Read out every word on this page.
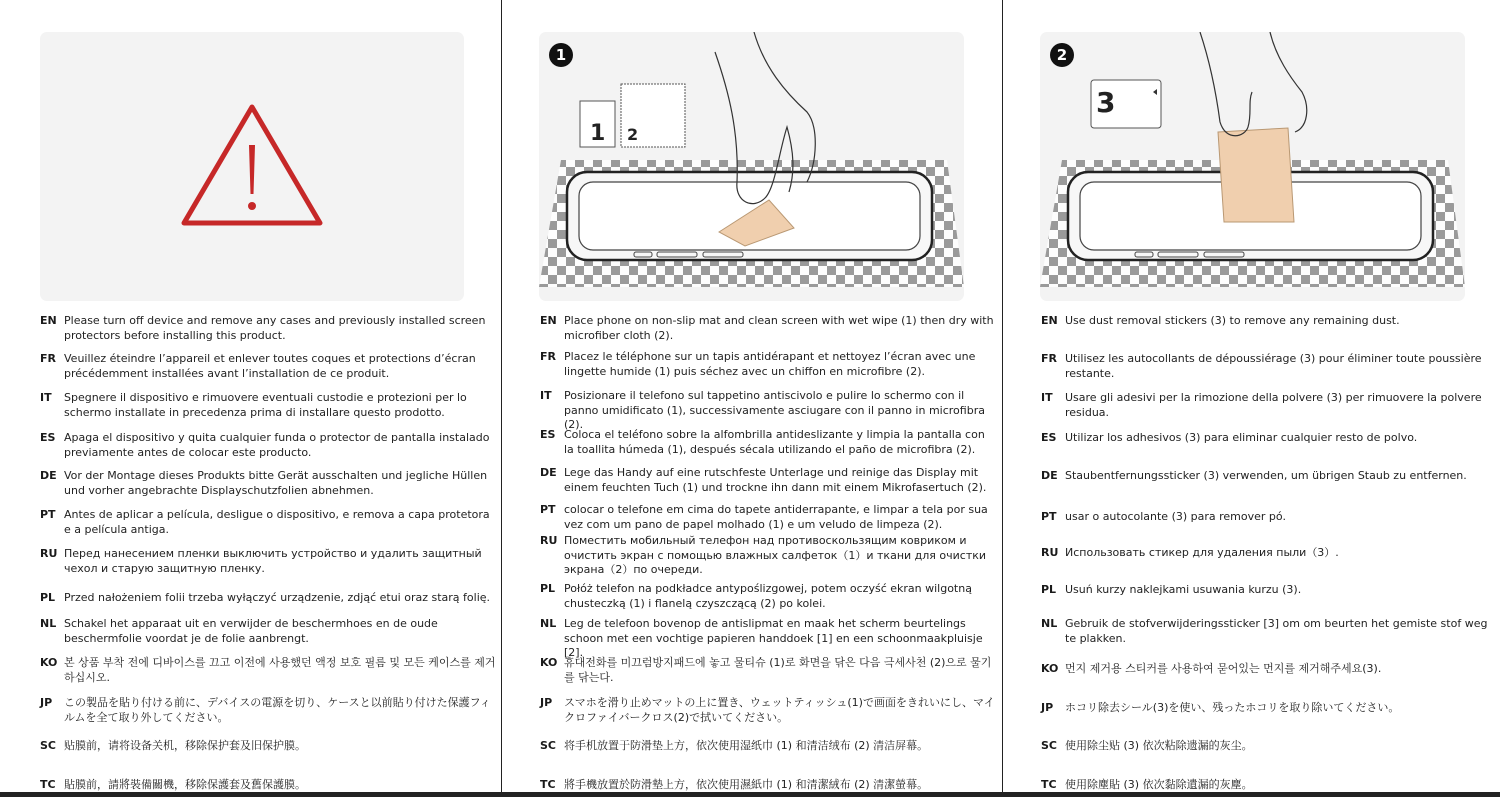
EN Please turn off device and remove any cases and previously installed screen protectors before installing this product.
FR Veuillez éteindre l’appareil et enlever toutes coques et protections d’écran précédemment installées avant l’installation de ce produit.
IT	Spegnere il dispositivo e rimuovere eventuali custodie e protezioni per lo schermo installate in precedenza prima di installare questo prodotto.
ES Apaga el dispositivo y quita cualquier funda o protector de pantalla instalado previamente antes de colocar este producto.
DE Vor der Montage dieses Produkts bitte Gerät ausschalten und jegliche Hüllen und vorher angebrachte Displayschutzfolien abnehmen.
PT Antes de aplicar a película, desligue o dispositivo, e remova a capa protetora e a película antiga.
RU Перед нанесением пленки выключить устройство и удалить защитный чехол и старую защитную пленку.
PL Przed nałożeniem folii trzeba wyłączyć urządzenie, zdjąć etui oraz starą folię.
NL Schakel het apparaat uit en verwijder de beschermhoes en de oude beschermfolie voordat je de folie aanbrengt.
KO 본 상품 부착 전에 디바이스를 끄고 이전에 사용했던 액정 보호 필름 및 모든 케이스를 제거하십시오.
JP	この製品を貼り付ける前に、デバイスの電源を切り、ケースと以前貼り付けた保護フィルムを全て取り外してください。
SC 贴膜前，请将设备关机，移除保护套及旧保护膜。
TC 貼膜前，請將裝備關機，移除保護套及舊保護膜。
1
1 2
EN Place phone on non-slip mat and clean screen with wet wipe (1) then dry with microfiber cloth (2).
FR Placez le téléphone sur un tapis antidérapant et nettoyez l’écran avec une lingette humide (1) puis séchez avec un chiffon en microfibre (2).
IT	Posizionare il telefono sul tappetino antiscivolo e pulire lo schermo con il panno umidificato (1), successivamente asciugare con il panno in microfibra (2).
ES Coloca el teléfono sobre la alfombrilla antideslizante y limpia la pantalla con la toallita húmeda (1), después sécala utilizando el paño de microfibra (2).
DE Lege das Handy auf eine rutschfeste Unterlage und reinige das Display mit einem feuchten Tuch (1) und trockne ihn dann mit einem Mikrofasertuch (2).
PT colocar o telefone em cima do tapete antiderrapante, e limpar a tela por sua vez com um pano de papel molhado (1) e um veludo de limpeza (2).
RU Поместить мобильный телефон над противоскользящим ковриком и очистить экран с помощью влажных салфеток（1）и ткани для очистки экрана（2）по очереди.
PL Połóż telefon na podkładce antypoślizgowej, potem oczyść ekran wilgotną chusteczką (1) i flanelą czyszczącą (2) po kolei.
NL Leg de telefoon bovenop de antislipmat en maak het scherm beurtelings schoon met een vochtige papieren handdoek [1] en een schoonmaakpluisje [2].
KO 휴대전화를 미끄럼방지패드에 놓고 물티슈 (1)로 화면을 닦은 다음 극세사천 (2)으로 물기를 닦는다.
JP	スマホを滑り止めマットの上に置き、ウェットティッシュ(1)で画面をきれいにし、マイクロファイバークロス(2)で拭いてください。
SC 将手机放置于防滑垫上方，依次使用湿纸巾 (1) 和清洁绒布 (2) 清洁屏幕。
TC 將手機放置於防滑墊上方，依次使用濕紙巾 (1) 和清潔絨布 (2) 清潔螢幕。
2
3
EN Use dust removal stickers (3) to remove any remaining dust.
FR Utilisez les autocollants de dépoussiérage (3) pour éliminer toute poussière restante.
IT	Usare gli adesivi per la rimozione della polvere (3) per rimuovere la polvere residua.
ES Utilizar los adhesivos (3) para eliminar cualquier resto de polvo.
DE Staubentfernungssticker (3) verwenden, um übrigen Staub zu entfernen.
PT usar o autocolante (3) para remover pó.
RU Использовать стикер для удаления пыли（3）.
PL Usuń kurzy naklejkami usuwania kurzu (3).
NL Gebruik de stofverwijderingssticker [3] om om beurten het gemiste stof weg te plakken.
KO 먼지 제거용 스티커를 사용하여 묻어있는 먼지를 제거해주세요(3).
JP	ホコリ除去シール(3)を使い、残ったホコリを取り除いてください。
SC 使用除尘贴 (3) 依次粘除遗漏的灰尘。
TC 使用除塵貼 (3) 依次黏除遺漏的灰塵。
